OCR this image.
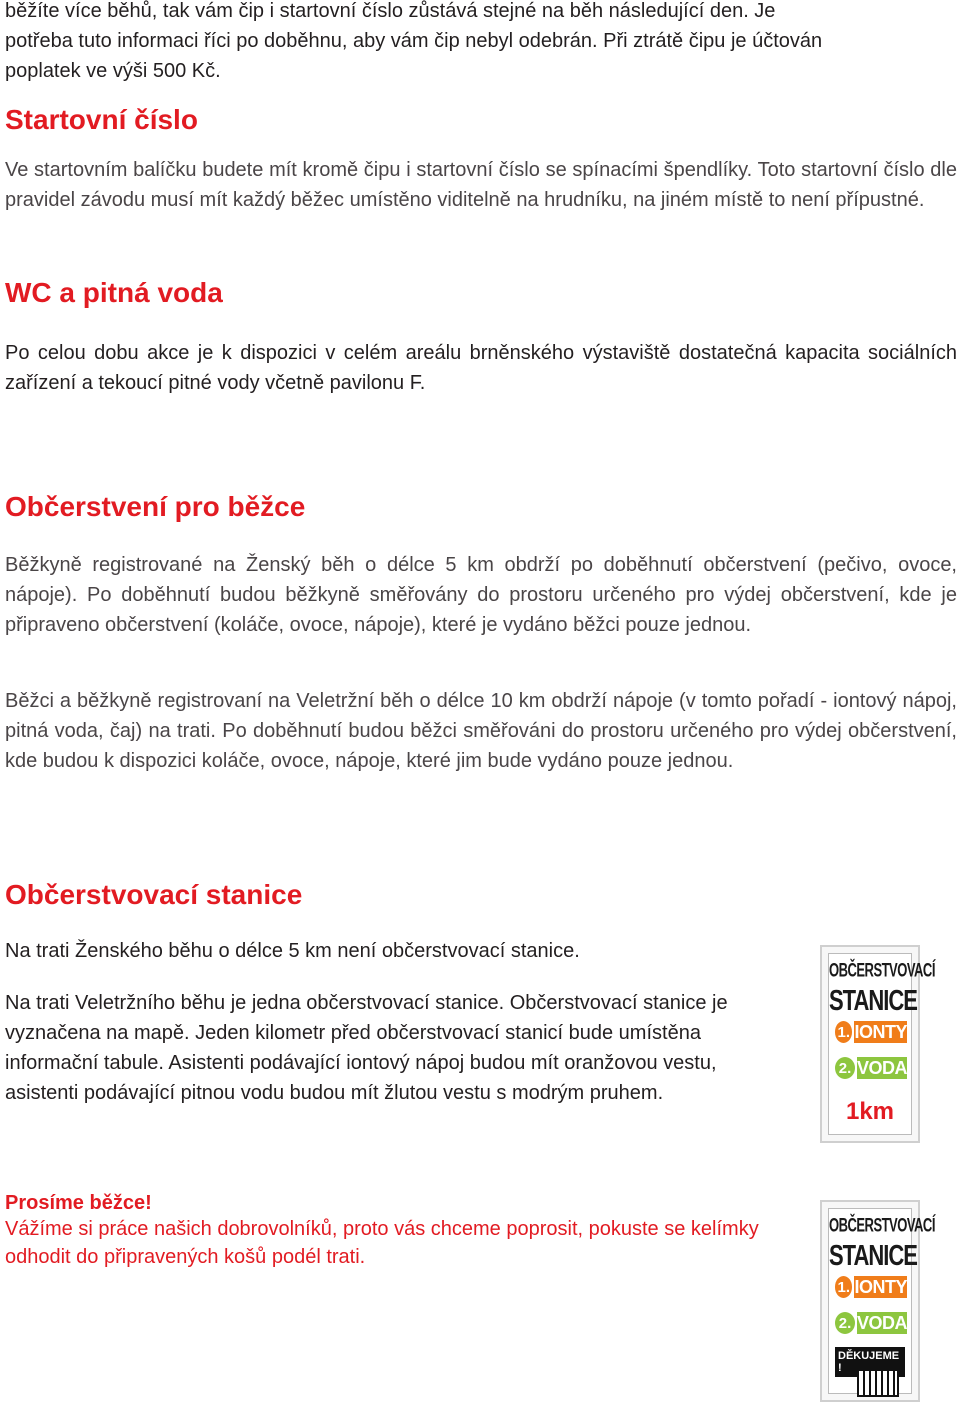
běžíte více běhů, tak vám čip i startovní číslo zůstává stejné na běh následující den. Je

potřeba tuto informaci říci po doběhnu, aby vám čip nebyl odebrán. Při ztrátě čipu je účtován

poplatek ve výši 500 Kč.

Startovní číslo

Ve startovním balíčku budete mít kromě čipu i startovní číslo se spínacími špendlíky. Toto startovní číslo dle pravidel závodu musí mít každý běžec umístěno viditelně na hrudníku, na jiném místě to není přípustné.

WC a pitná voda

Po celou dobu akce je k dispozici v celém areálu brněnského výstaviště dostatečná kapacita sociálních zařízení a tekoucí pitné vody včetně pavilonu F.

Občerstvení pro běžce

Běžkyně registrované na Ženský běh o délce 5 km obdrží po doběhnutí občerstvení (pečivo, ovoce, nápoje). Po doběhnutí budou běžkyně směřovány do prostoru určeného pro výdej občerstvení, kde je připraveno občerstvení (koláče, ovoce, nápoje), které je vydáno běžci pouze jednou.

Běžci a běžkyně registrovaní na Veletržní běh o délce 10 km obdrží nápoje (v tomto pořadí - iontový nápoj, pitná voda, čaj) na trati. Po doběhnutí budou běžci směřováni do prostoru určeného pro výdej občerstvení, kde budou k dispozici koláče, ovoce, nápoje, které jim bude vydáno pouze jednou.

Občerstvovací stanice

Na trati Ženského běhu o délce 5 km není občerstvovací stanice.

Na trati Veletržního běhu je jedna občerstvovací stanice. Občerstvovací stanice je vyznačena na mapě. Jeden kilometr před občerstvovací stanicí bude umístěna informační tabule. Asistenti podávající iontový nápoj budou mít oranžovou vestu, asistenti podávající pitnou vodu budou mít žlutou vestu s modrým pruhem.

Prosíme běžce!

Vážíme si práce našich dobrovolníků, proto vás chceme poprosit, pokuste se kelímky odhodit do připravených košů podél trati.

OBČERSTVOVACÍ
STANICE
1. IONTY
2. VODA
1km
OBČERSTVOVACÍ
STANICE
1. IONTY
2. VODA
DĚKUJEME !
